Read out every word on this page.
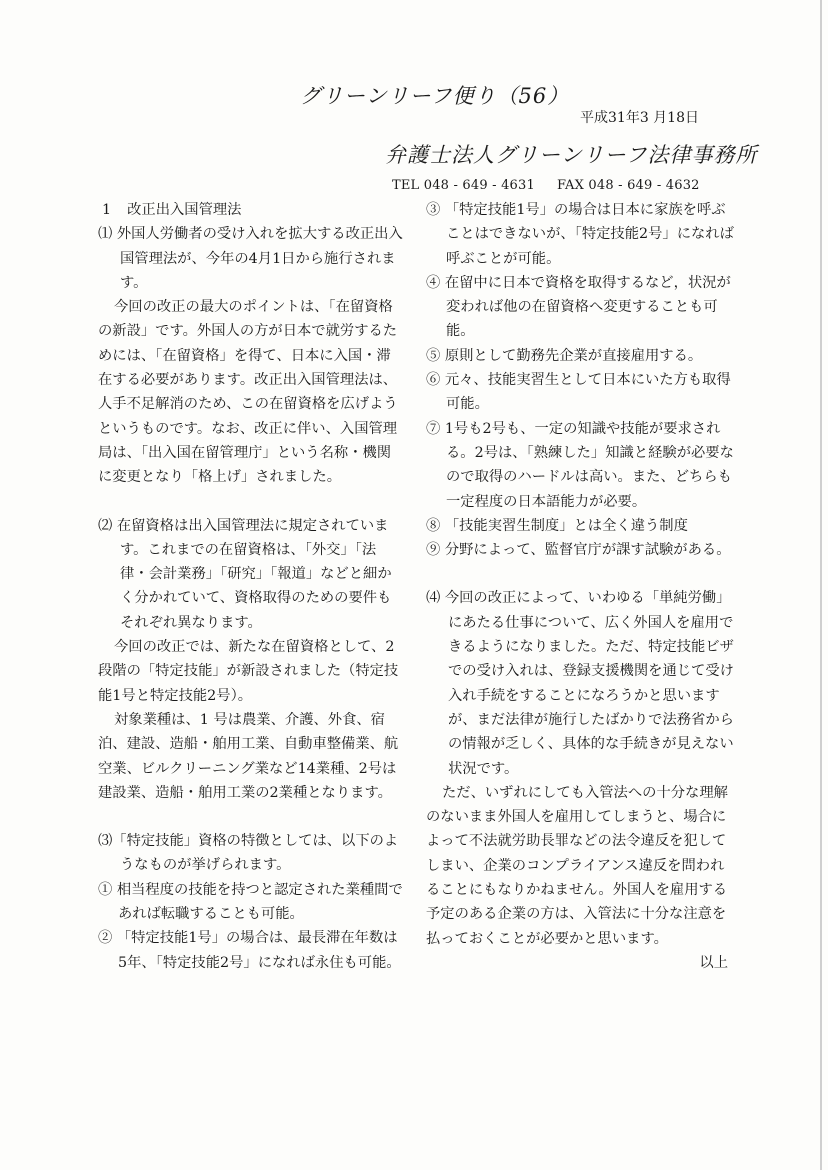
グリーンリーフ便り（56）
平成31年3 月18日
弁護士法人グリーンリーフ法律事務所
TEL 048 - 649 - 4631 FAX 048 - 649 - 4632

1 改正出入国管理法

⑴ 外国人労働者の受け入れを拡大する改正出入国管理法が、今年の4月1日から施行されます。

今回の改正の最大のポイントは、「在留資格の新設」です。外国人の方が日本で就労するためには、「在留資格」を得て、日本に入国・滞在する必要があります。改正出入国管理法は、人手不足解消のため、この在留資格を広げようというものです。なお、改正に伴い、入国管理局は、「出入国在留管理庁」という名称・機関に変更となり「格上げ」されました。

⑵ 在留資格は出入国管理法に規定されています。これまでの在留資格は、「外交」「法律・会計業務」「研究」「報道」などと細かく分かれていて、資格取得のための要件もそれぞれ異なります。

今回の改正では、新たな在留資格として、2段階の「特定技能」が新設されました（特定技能1号と特定技能2号）。

対象業種は、1 号は農業、介護、外食、宿泊、建設、造船・舶用工業、自動車整備業、航空業、ビルクリーニング業など14業種、2号は建設業、造船・舶用工業の2業種となります。

⑶「特定技能」資格の特徴としては、以下のようなものが挙げられます。

① 相当程度の技能を持つと認定された業種間であれば転職することも可能。

② 「特定技能1号」の場合は、最長滞在年数は5年、「特定技能2号」になれば永住も可能。

③ 「特定技能1号」の場合は日本に家族を呼ぶことはできないが、「特定技能2号」になれば呼ぶことが可能。

④ 在留中に日本で資格を取得するなど，状況が変われば他の在留資格へ変更することも可能。

⑤ 原則として勤務先企業が直接雇用する。

⑥ 元々、技能実習生として日本にいた方も取得可能。

⑦ 1号も2号も、一定の知識や技能が要求される。2号は、「熟練した」知識と経験が必要なので取得のハードルは高い。また、どちらも一定程度の日本語能力が必要。

⑧ 「技能実習生制度」とは全く違う制度

⑨ 分野によって、監督官庁が課す試験がある。

⑷ 今回の改正によって、いわゆる「単純労働」にあたる仕事について、広く外国人を雇用できるようになりました。ただ、特定技能ビザでの受け入れは、登録支援機関を通じて受け入れ手続をすることになろうかと思いますが、まだ法律が施行したばかりで法務省からの情報が乏しく、具体的な手続きが見えない状況です。

ただ、いずれにしても入管法への十分な理解のないまま外国人を雇用してしまうと、場合によって不法就労助長罪などの法令違反を犯してしまい、企業のコンプライアンス違反を問われることにもなりかねません。外国人を雇用する予定のある企業の方は、入管法に十分な注意を払っておくことが必要かと思います。

以上
